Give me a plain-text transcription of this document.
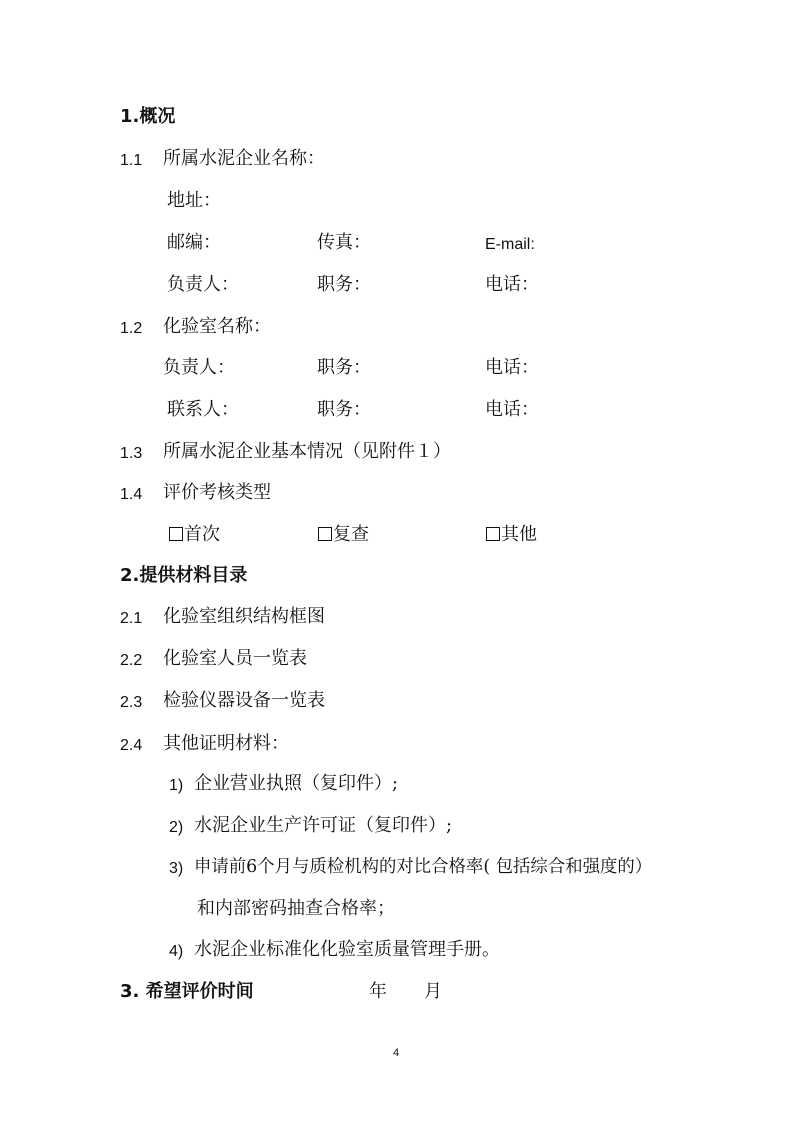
1.概况
1.1 所属水泥企业名称：
地址：
邮编：	传真：	E-mail:
负责人：	职务：	电话：
1.2 化验室名称：
负责人：	职务：	电话：
联系人：	职务：	电话：
1.3 所属水泥企业基本情况（见附件１）
1.4 评价考核类型
首次	复查	其他
2.提供材料目录
2.1 化验室组织结构框图
2.2 化验室人员一览表
2.3 检验仪器设备一览表
2.4 其他证明材料：
1) 企业营业执照（复印件）;
2) 水泥企业生产许可证（复印件）;
3) 申请前6个月与质检机构的对比合格率( 包括综合和强度的）
和内部密码抽查合格率；
4) 水泥企业标准化化验室质量管理手册。
3. 希望评价时间	年 月
4
